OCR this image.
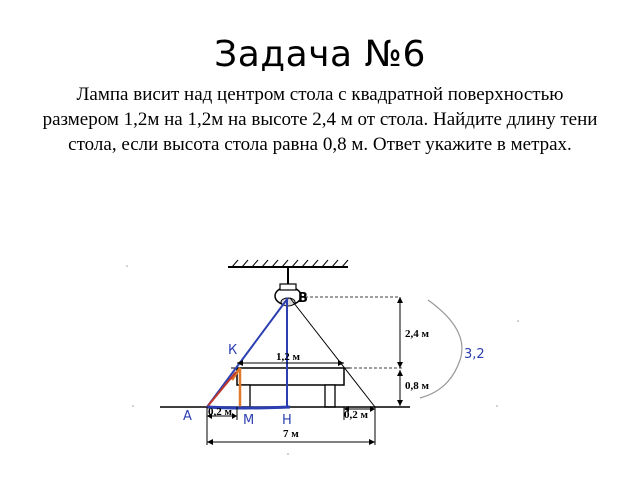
Задача №6
Лампа висит над центром стола с квадратной поверхностью размером 1,2м на 1,2м на высоте 2,4 м от стола. Найдите длину тени стола, если высота стола равна 0,8 м. Ответ укажите в метрах.
В
К
А	М Н
1,2 м
2,4 м
0,8 м
3,2
0,2 м	0,2 м
7 м
